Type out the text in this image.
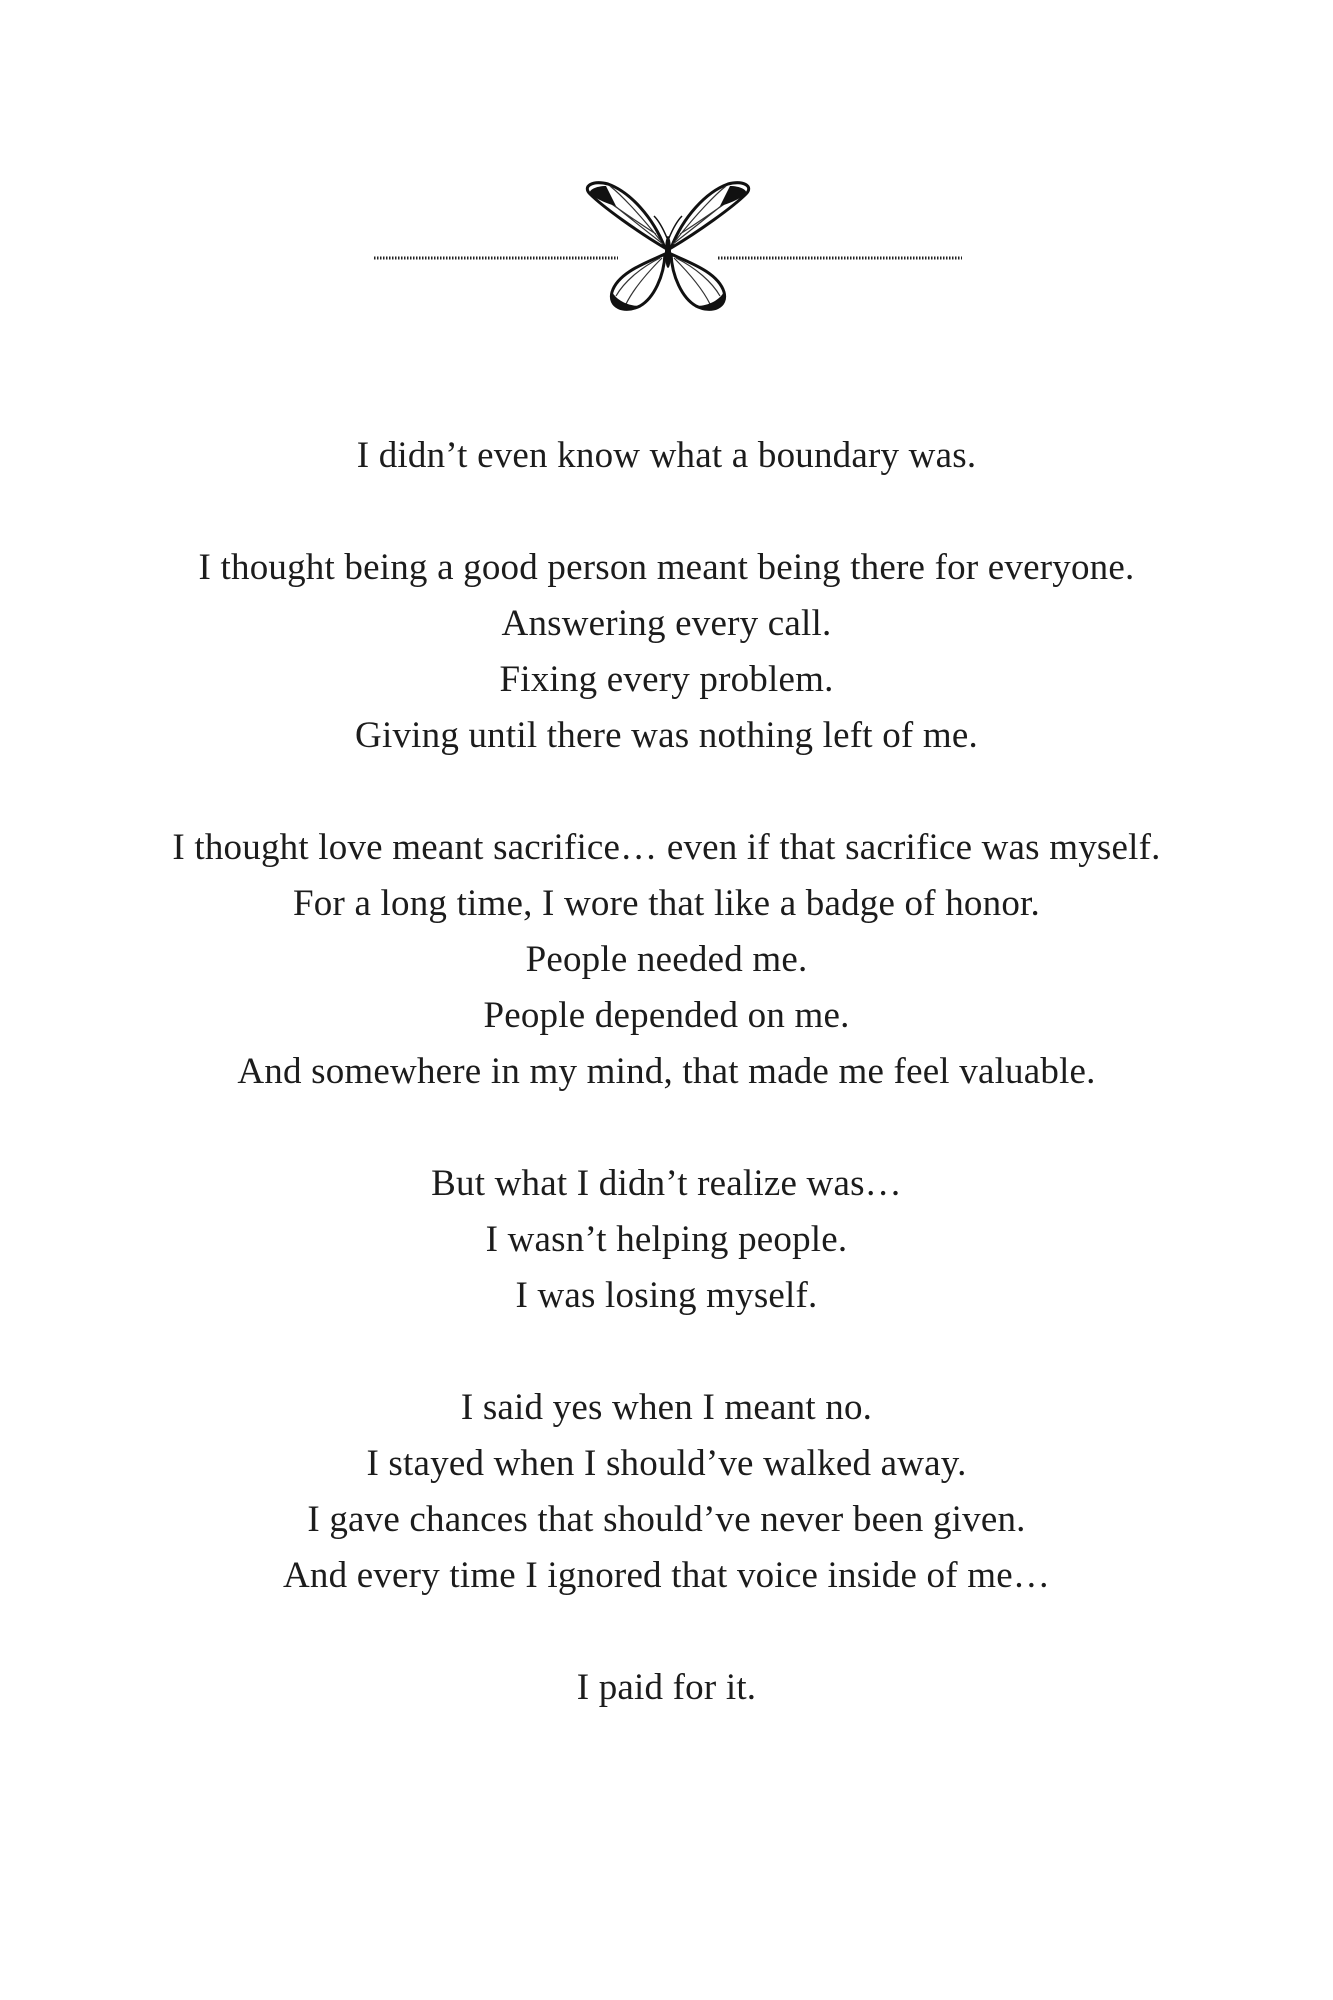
I didn’t even know what a boundary was.
I thought being a good person meant being there for everyone.
Answering every call.
Fixing every problem.
Giving until there was nothing left of me.
I thought love meant sacrifice… even if that sacrifice was myself.
For a long time, I wore that like a badge of honor.
People needed me.
People depended on me.
And somewhere in my mind, that made me feel valuable.
But what I didn’t realize was…
I wasn’t helping people.
I was losing myself.
I said yes when I meant no.
I stayed when I should’ve walked away.
I gave chances that should’ve never been given.
And every time I ignored that voice inside of me…
I paid for it.
